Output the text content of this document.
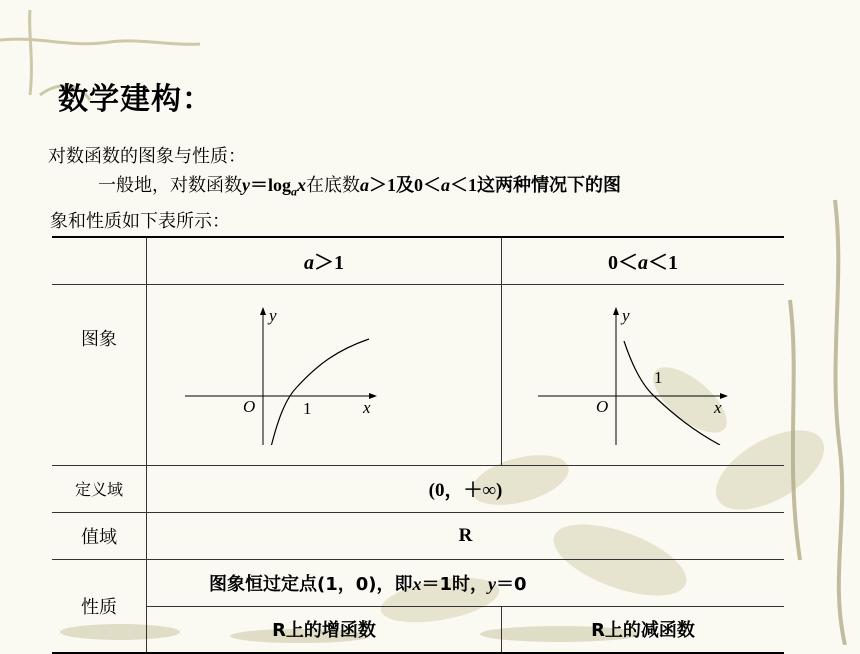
数学建构：
对数函数的图象与性质：
一般地，对数函数$y=\log_ax$在底数a＞1及0＜a＜1这两种情况下的图
象和性质如下表所示：
	a＞1	0＜a＜1
图象	y
x
O 1	y
x
O
1

定义域	(0，＋∞)	
值域	R	
性质	图象恒过定点(1，0)，即x＝1时，y＝0	
	R上的增函数	R上的减函数
